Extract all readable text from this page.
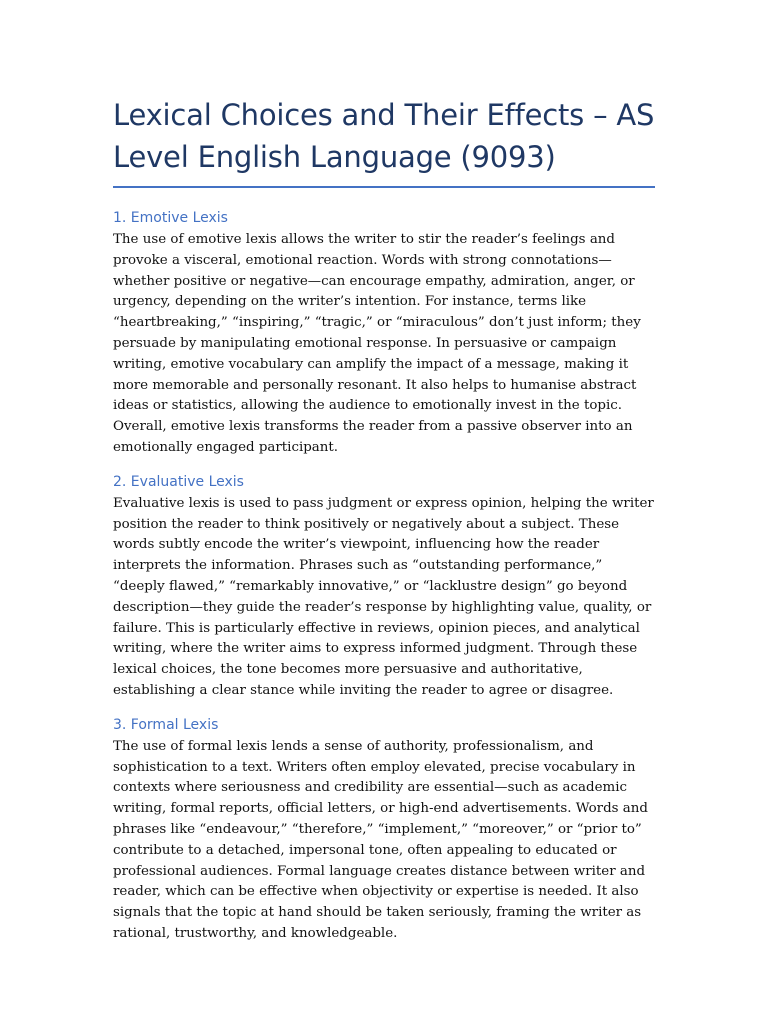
Lexical Choices and Their Effects – AS Level English Language (9093)
1. Emotive Lexis

The use of emotive lexis allows the writer to stir the reader’s feelings and provoke a visceral, emotional reaction. Words with strong connotations—whether positive or negative—can encourage empathy, admiration, anger, or urgency, depending on the writer’s intention. For instance, terms like “heartbreaking,” “inspiring,” “tragic,” or “miraculous” don’t just inform; they persuade by manipulating emotional response. In persuasive or campaign writing, emotive vocabulary can amplify the impact of a message, making it more memorable and personally resonant. It also helps to humanise abstract ideas or statistics, allowing the audience to emotionally invest in the topic. Overall, emotive lexis transforms the reader from a passive observer into an emotionally engaged participant.

2. Evaluative Lexis

Evaluative lexis is used to pass judgment or express opinion, helping the writer position the reader to think positively or negatively about a subject. These words subtly encode the writer’s viewpoint, influencing how the reader interprets the information. Phrases such as “outstanding performance,” “deeply flawed,” “remarkably innovative,” or “lacklustre design” go beyond description—they guide the reader’s response by highlighting value, quality, or failure. This is particularly effective in reviews, opinion pieces, and analytical writing, where the writer aims to express informed judgment. Through these lexical choices, the tone becomes more persuasive and authoritative, establishing a clear stance while inviting the reader to agree or disagree.

3. Formal Lexis

The use of formal lexis lends a sense of authority, professionalism, and sophistication to a text. Writers often employ elevated, precise vocabulary in contexts where seriousness and credibility are essential—such as academic writing, formal reports, official letters, or high-end advertisements. Words and phrases like “endeavour,” “therefore,” “implement,” “moreover,” or “prior to” contribute to a detached, impersonal tone, often appealing to educated or professional audiences. Formal language creates distance between writer and reader, which can be effective when objectivity or expertise is needed. It also signals that the topic at hand should be taken seriously, framing the writer as rational, trustworthy, and knowledgeable.
